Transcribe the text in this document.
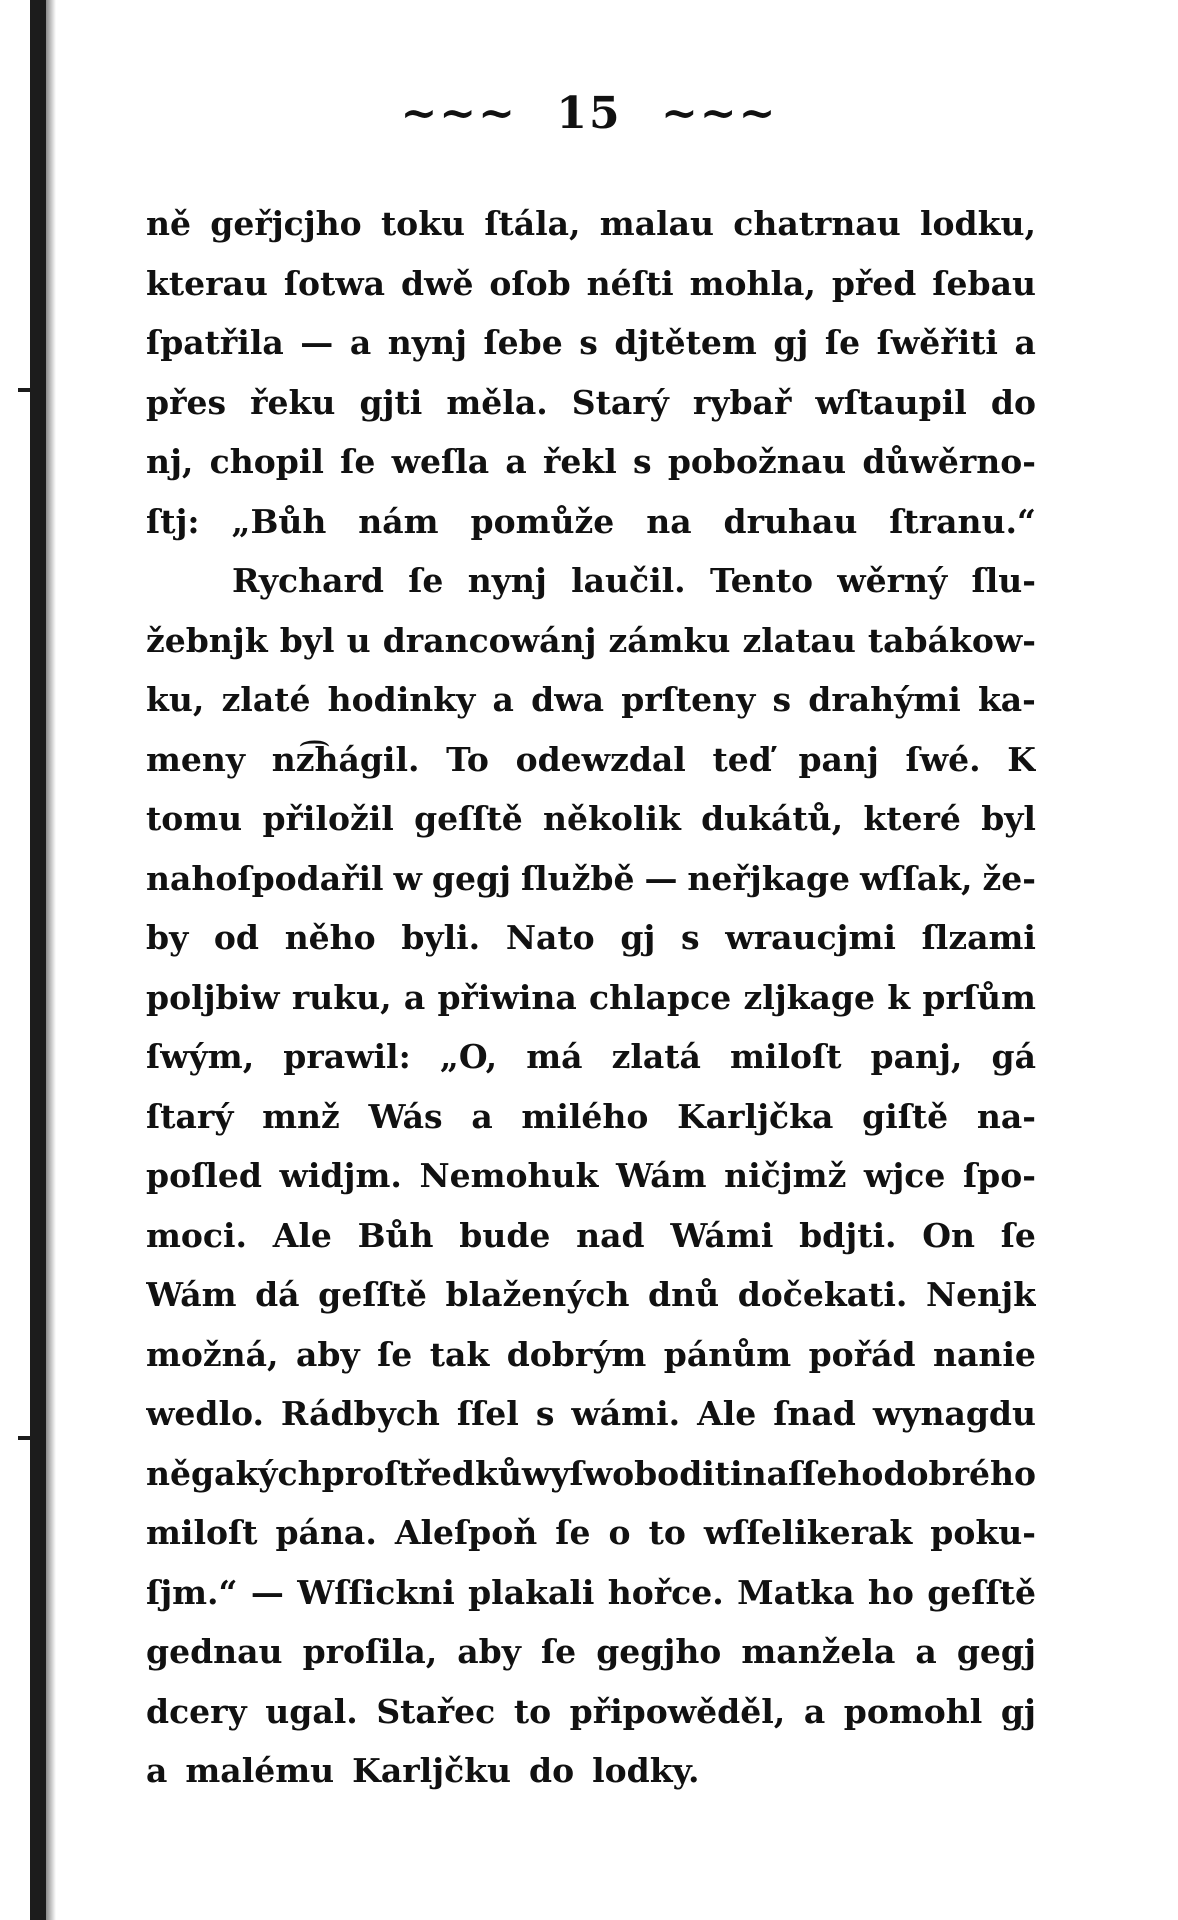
~~~ 15 ~~~
ně geřjcjho toku ſtála, malau chatrnau lodku,
kterau ſotwa dwě oſob néſti mohla, před ſebau
ſpatřila — a nynj ſebe s djtětem gj ſe ſwěřiti a
přes řeku gjti měla. Starý rybař wſtaupil do
nj, chopil ſe weſla a řekl s pobožnau důwěrno-
ſtj: „Bůh nám pomůže na druhau ſtranu.“
Rychard ſe nynj laučil. Tento wěrný ſlu-
žebnjk byl u drancowánj zámku zlatau tabákow-
ku, zlaté hodinky a dwa prſteny s drahými ka-
meny nz͡hágil. To odewzdal teď panj ſwé. K
tomu přiložil geſſtě několik dukátů, které byl
nahoſpodařil w gegj ſlužbě — neřjkage wſſak, že-
by od něho byli. Nato gj s wraucjmi ſlzami
poljbiw ruku, a přiwina chlapce zljkage k prſům
ſwým, prawil: „O, má zlatá miloſt panj, gá
ſtarý mnž Wás a milého Karljčka giſtě na-
poſled widjm. Nemohuk Wám ničjmž wjce ſpo-
moci. Ale Bůh bude nad Wámi bdjti. On ſe
Wám dá geſſtě blažených dnů dočekati. Nenjk
možná, aby ſe tak dobrým pánům pořád nanie
wedlo. Rádbych ſſel s wámi. Ale ſnad wynagdu
něgakých proſtředků wyſwoboditi naſſeho dobrého
miloſt pána. Aleſpoň ſe o to wſſelikerak poku-
ſjm.“ — Wſſickni plakali hořce. Matka ho geſſtě
gednau proſila, aby ſe gegjho manžela a gegj
dcery ugal. Stařec to připowěděl, a pomohl gj
a malému Karljčku do lodky.
